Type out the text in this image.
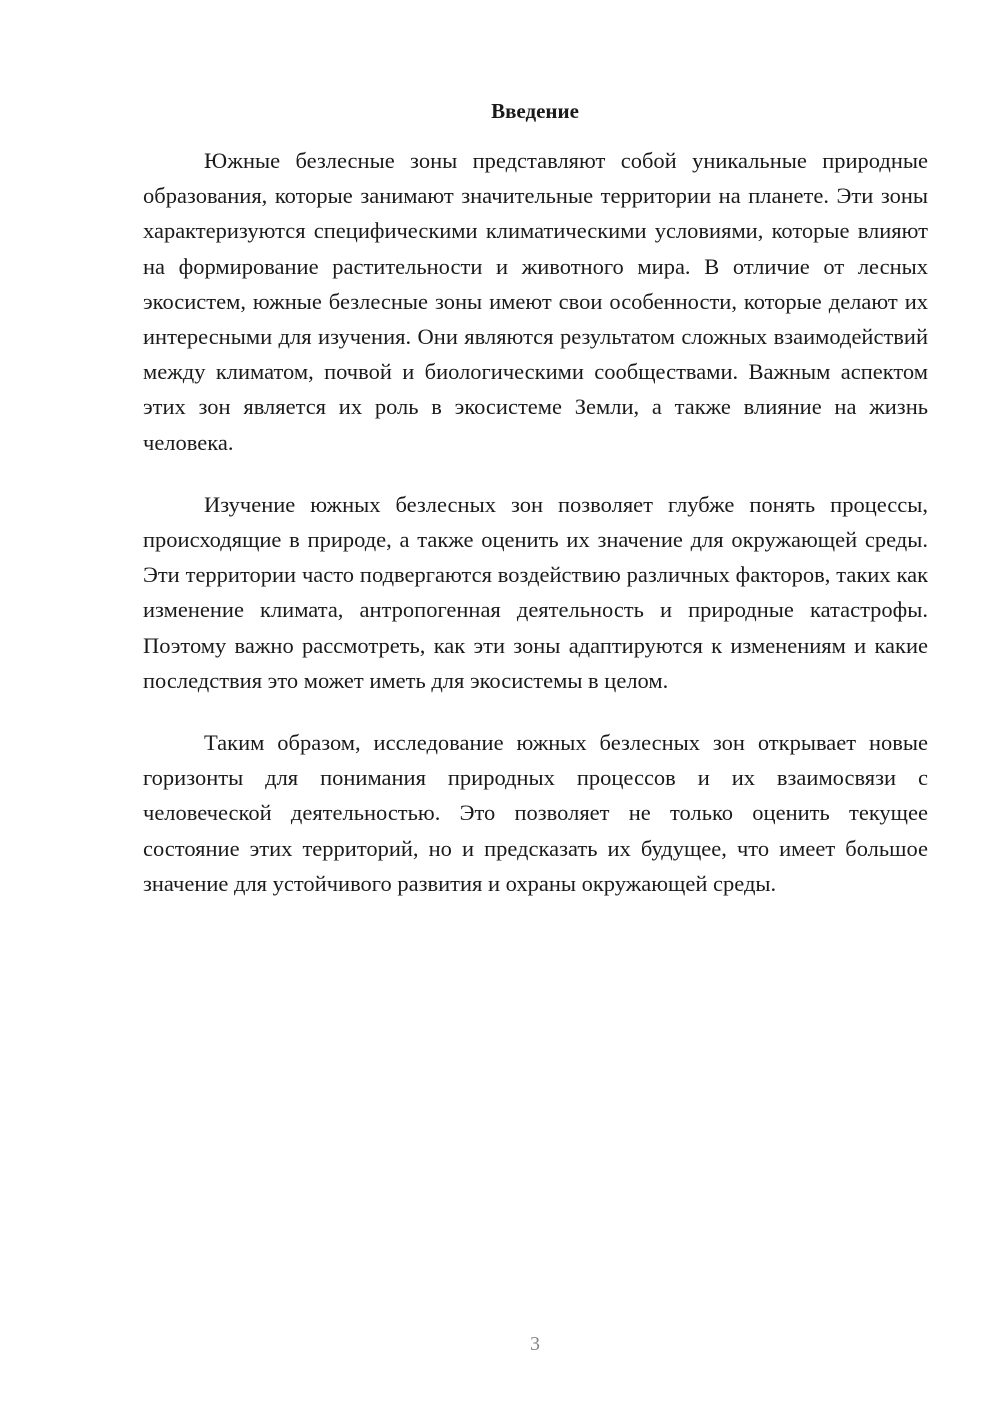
Введение

Южные безлесные зоны представляют собой уникальные природные образования, которые занимают значительные территории на планете. Эти зоны характеризуются специфическими климатическими условиями, которые влияют на формирование растительности и животного мира. В отличие от лесных экосистем, южные безлесные зоны имеют свои особенности, которые делают их интересными для изучения. Они являются результатом сложных взаимодействий между климатом, почвой и биологическими сообществами. Важным аспектом этих зон является их роль в экосистеме Земли, а также влияние на жизнь человека.

Изучение южных безлесных зон позволяет глубже понять процессы, происходящие в природе, а также оценить их значение для окружающей среды. Эти территории часто подвергаются воздействию различных факторов, таких как изменение климата, антропогенная деятельность и природные катастрофы. Поэтому важно рассмотреть, как эти зоны адаптируются к изменениям и какие последствия это может иметь для экосистемы в целом.

Таким образом, исследование южных безлесных зон открывает новые горизонты для понимания природных процессов и их взаимосвязи с человеческой деятельностью. Это позволяет не только оценить текущее состояние этих территорий, но и предсказать их будущее, что имеет большое значение для устойчивого развития и охраны окружающей среды.

3
